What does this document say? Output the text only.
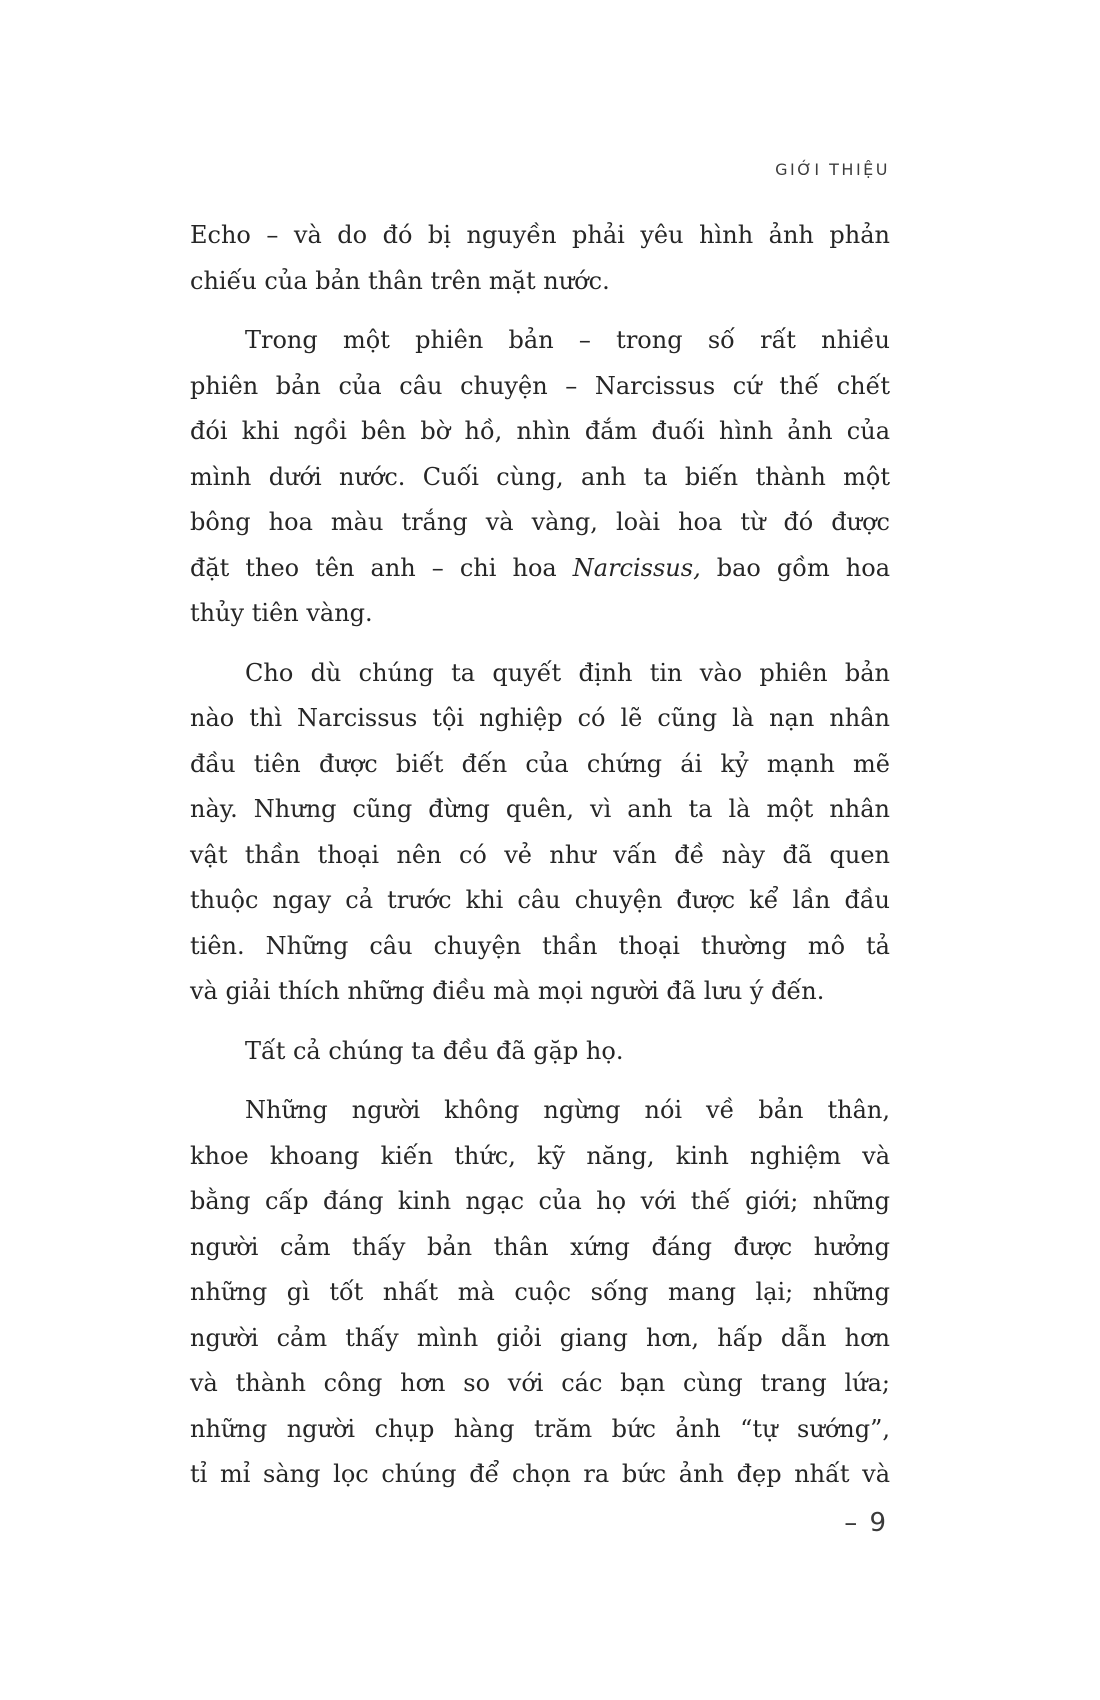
GIỚI THIỆU
Echo – và do đó bị nguyền phải yêu hình ảnh phản
chiếu của bản thân trên mặt nước.
Trong một phiên bản – trong số rất nhiều
phiên bản của câu chuyện – Narcissus cứ thế chết
đói khi ngồi bên bờ hồ, nhìn đắm đuối hình ảnh của
mình dưới nước. Cuối cùng, anh ta biến thành một
bông hoa màu trắng và vàng, loài hoa từ đó được
đặt theo tên anh – chi hoa Narcissus, bao gồm hoa
thủy tiên vàng.
Cho dù chúng ta quyết định tin vào phiên bản
nào thì Narcissus tội nghiệp có lẽ cũng là nạn nhân
đầu tiên được biết đến của chứng ái kỷ mạnh mẽ
này. Nhưng cũng đừng quên, vì anh ta là một nhân
vật thần thoại nên có vẻ như vấn đề này đã quen
thuộc ngay cả trước khi câu chuyện được kể lần đầu
tiên. Những câu chuyện thần thoại thường mô tả
và giải thích những điều mà mọi người đã lưu ý đến.
Tất cả chúng ta đều đã gặp họ.
Những người không ngừng nói về bản thân,
khoe khoang kiến thức, kỹ năng, kinh nghiệm và
bằng cấp đáng kinh ngạc của họ với thế giới; những
người cảm thấy bản thân xứng đáng được hưởng
những gì tốt nhất mà cuộc sống mang lại; những
người cảm thấy mình giỏi giang hơn, hấp dẫn hơn
và thành công hơn so với các bạn cùng trang lứa;
những người chụp hàng trăm bức ảnh “tự sướng”,
tỉ mỉ sàng lọc chúng để chọn ra bức ảnh đẹp nhất và
– 9
